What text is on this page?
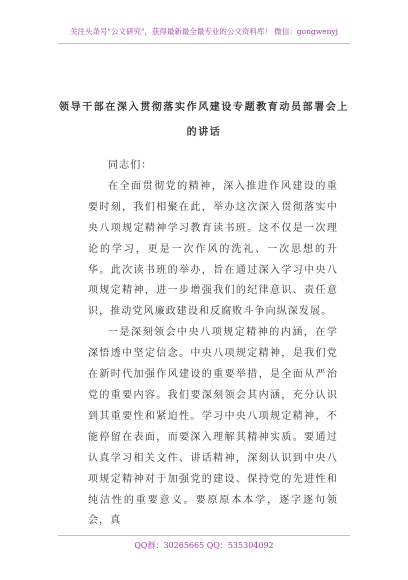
关注头条号"公文研究"，获得最新最全最专业的公文资料库！ 微信：gongwenyj
领导干部在深入贯彻落实作风建设专题教育动员部署会上
的讲话

同志们：

在全面贯彻党的精神，深入推进作风建设的重要时刻，我们相聚在此，举办这次深入贯彻落实中央八项规定精神学习教育读书班。这不仅是一次理论的学习，更是一次作风的洗礼、一次思想的升华。此次读书班的举办，旨在通过深入学习中央八项规定精神，进一步增强我们的纪律意识、责任意识，推动党风廉政建设和反腐败斗争向纵深发展。

一是深刻领会中央八项规定精神的内涵，在学深悟透中坚定信念。中央八项规定精神，是我们党在新时代加强作风建设的重要举措，是全面从严治党的重要内容。我们要深刻领会其内涵，充分认识到其重要性和紧迫性。学习中央八项规定精神，不能停留在表面，而要深入理解其精神实质。要通过认真学习相关文件、讲话精神，深刻认识到中央八项规定精神对于加强党的建设、保持党的先进性和纯洁性的重要意义。要原原本本学，逐字逐句领会，真

QQ群：30265665 QQ：535304092
